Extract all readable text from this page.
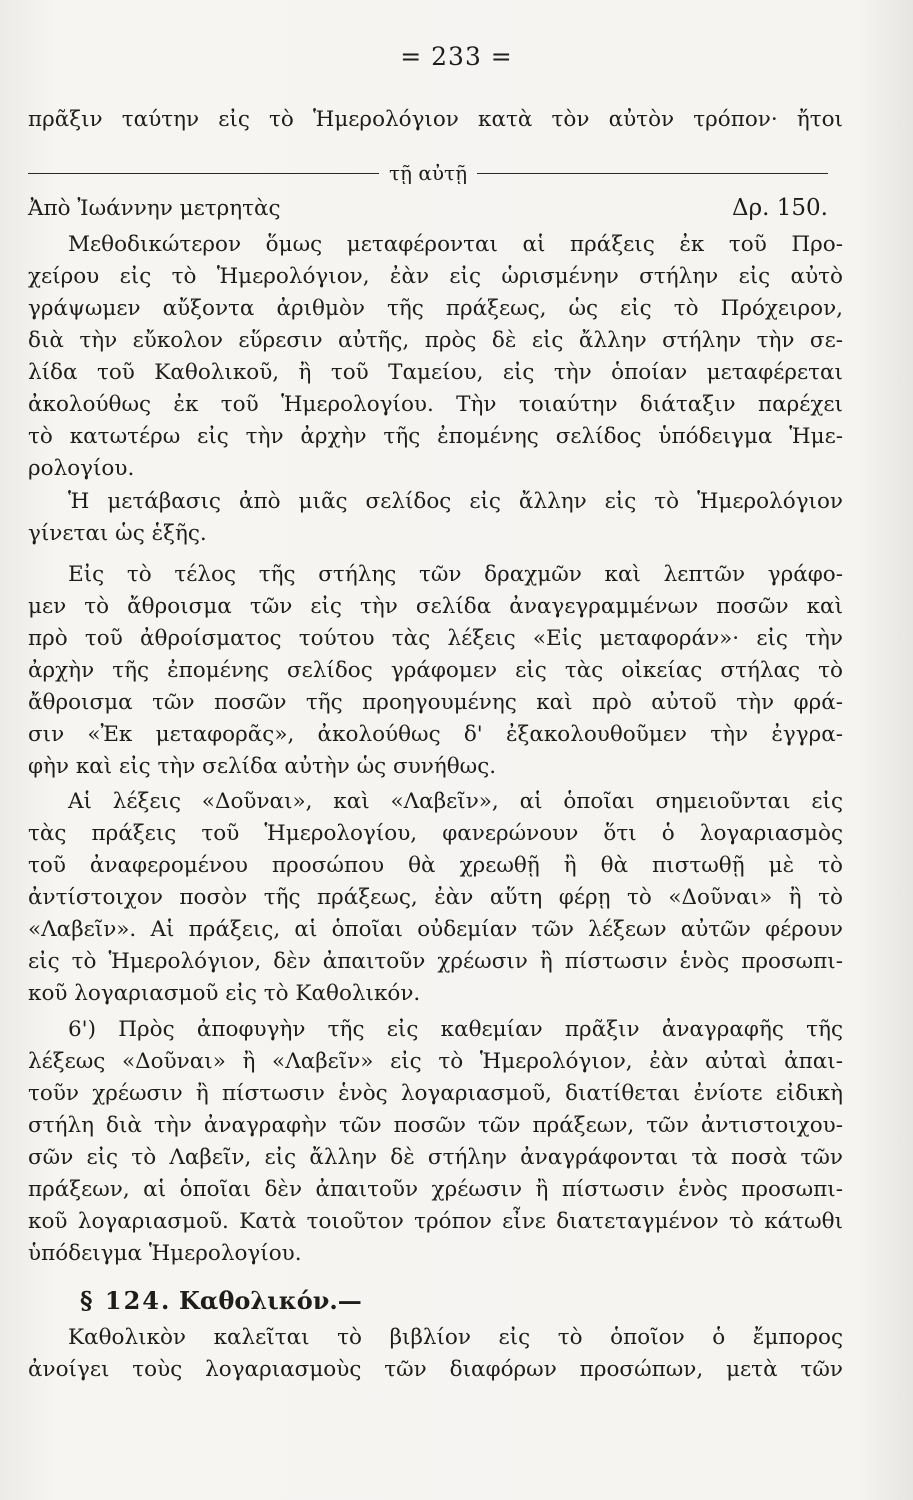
= 233 =
πρᾶξιν ταύτην εἰς τὸ Ἡμερολόγιον κατὰ τὸν αὐτὸν τρόπον· ἤτοι
τῇ αὐτῇ
Ἀπὸ Ἰωάννην μετρητὰς	Δρ. 150.
Μεθοδικώτερον ὅμως μεταφέρονται αἱ πράξεις ἐκ τοῦ Προ-
χείρου εἰς τὸ Ἡμερολόγιον, ἐὰν εἰς ὡρισμένην στήλην εἰς αὐτὸ
γράψωμεν αὔξοντα ἀριθμὸν τῆς πράξεως, ὡς εἰς τὸ Πρόχειρον,
διὰ τὴν εὔκολον εὕρεσιν αὐτῆς, πρὸς δὲ εἰς ἄλλην στήλην τὴν σε-
λίδα τοῦ Καθολικοῦ, ἢ τοῦ Ταμείου, εἰς τὴν ὁποίαν μεταφέρεται
ἀκολούθως ἐκ τοῦ Ἡμερολογίου. Τὴν τοιαύτην διάταξιν παρέχει
τὸ κατωτέρω εἰς τὴν ἀρχὴν τῆς ἐπομένης σελίδος ὑπόδειγμα Ἡμε-
ρολογίου.
Ἡ μετάβασις ἀπὸ μιᾶς σελίδος εἰς ἄλλην εἰς τὸ Ἡμερολόγιον
γίνεται ὡς ἑξῆς.
Εἰς τὸ τέλος τῆς στήλης τῶν δραχμῶν καὶ λεπτῶν γράφο-
μεν τὸ ἄθροισμα τῶν εἰς τὴν σελίδα ἀναγεγραμμένων ποσῶν καὶ
πρὸ τοῦ ἀθροίσματος τούτου τὰς λέξεις «Εἰς μεταφοράν»· εἰς τὴν
ἀρχὴν τῆς ἐπομένης σελίδος γράφομεν εἰς τὰς οἰκείας στήλας τὸ
ἄθροισμα τῶν ποσῶν τῆς προηγουμένης καὶ πρὸ αὐτοῦ τὴν φρά-
σιν «Ἐκ μεταφορᾶς», ἀκολούθως δ' ἐξακολουθοῦμεν τὴν ἐγγρα-
φὴν καὶ εἰς τὴν σελίδα αὐτὴν ὡς συνήθως.
Αἱ λέξεις «Δοῦναι», καὶ «Λαβεῖν», αἱ ὁποῖαι σημειοῦνται εἰς
τὰς πράξεις τοῦ Ἡμερολογίου, φανερώνουν ὅτι ὁ λογαριασμὸς
τοῦ ἀναφερομένου προσώπου θὰ χρεωθῇ ἢ θὰ πιστωθῇ μὲ τὸ
ἀντίστοιχον ποσὸν τῆς πράξεως, ἐὰν αὕτη φέρῃ τὸ «Δοῦναι» ἢ τὸ
«Λαβεῖν». Αἱ πράξεις, αἱ ὁποῖαι οὐδεμίαν τῶν λέξεων αὐτῶν φέρουν
εἰς τὸ Ἡμερολόγιον, δὲν ἀπαιτοῦν χρέωσιν ἢ πίστωσιν ἑνὸς προσωπι-
κοῦ λογαριασμοῦ εἰς τὸ Καθολικόν.
6') Πρὸς ἀποφυγὴν τῆς εἰς καθεμίαν πρᾶξιν ἀναγραφῆς τῆς
λέξεως «Δοῦναι» ἢ «Λαβεῖν» εἰς τὸ Ἡμερολόγιον, ἐὰν αὐταὶ ἀπαι-
τοῦν χρέωσιν ἢ πίστωσιν ἑνὸς λογαριασμοῦ, διατίθεται ἐνίοτε εἰδικὴ
στήλη διὰ τὴν ἀναγραφὴν τῶν ποσῶν τῶν πράξεων, τῶν ἀντιστοιχου-
σῶν εἰς τὸ Λαβεῖν, εἰς ἄλλην δὲ στήλην ἀναγράφονται τὰ ποσὰ τῶν
πράξεων, αἱ ὁποῖαι δὲν ἀπαιτοῦν χρέωσιν ἢ πίστωσιν ἑνὸς προσωπι-
κοῦ λογαριασμοῦ. Κατὰ τοιοῦτον τρόπον εἶνε διατεταγμένον τὸ κάτωθι
ὑπόδειγμα Ἡμερολογίου.
§ 124. Καθολικόν.—
Καθολικὸν καλεῖται τὸ βιβλίον εἰς τὸ ὁποῖον ὁ ἔμπορος
ἀνοίγει τοὺς λογαριασμοὺς τῶν διαφόρων προσώπων, μετὰ τῶν
